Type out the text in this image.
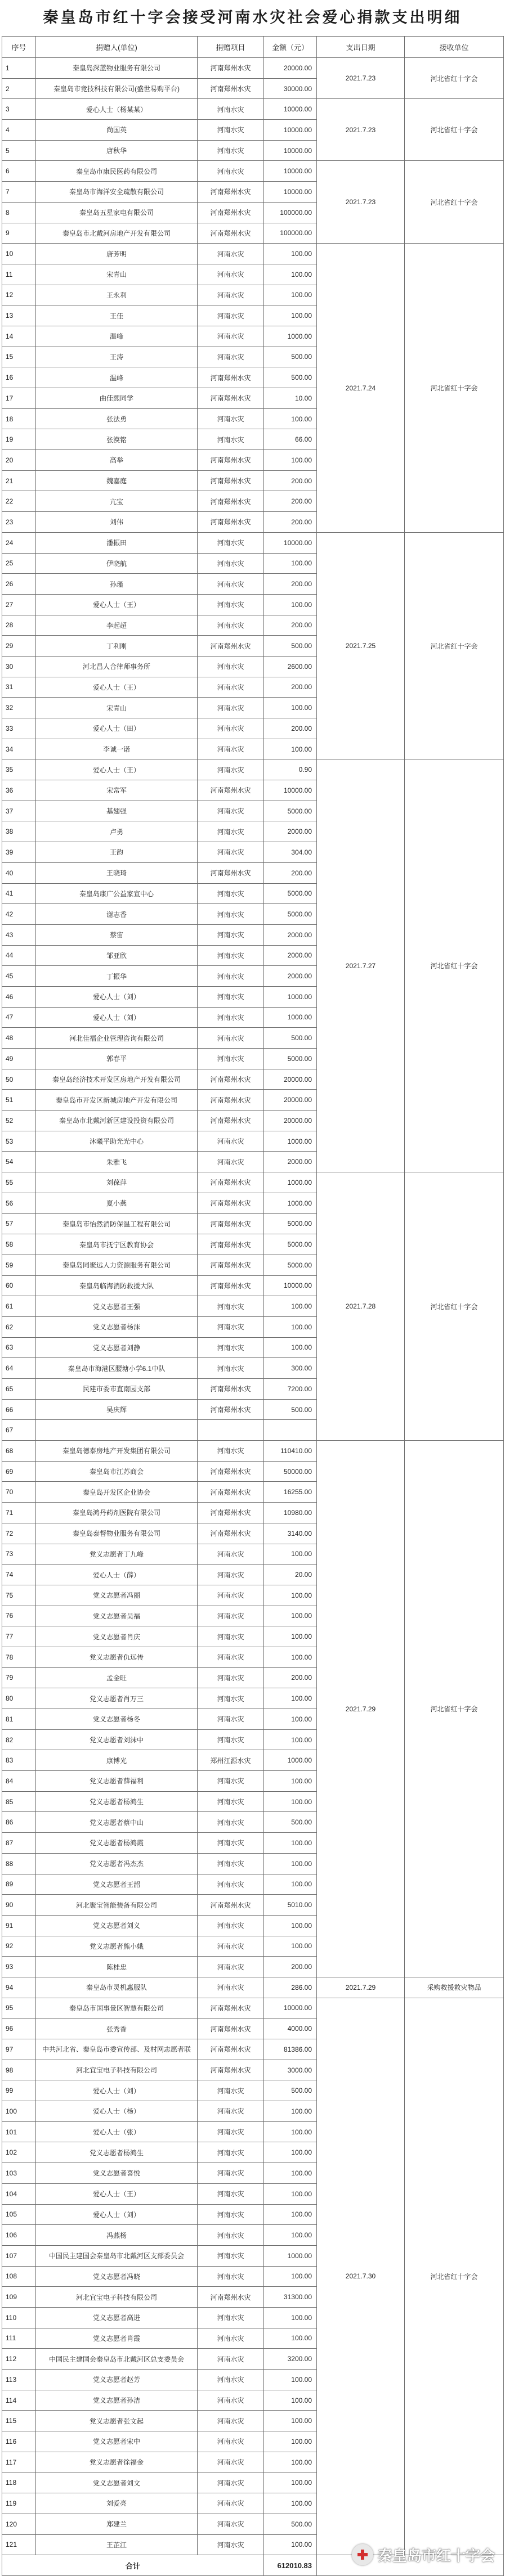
秦皇岛市红十字会接受河南水灾社会爱心捐款支出明细
序号	捐赠人(单位)	捐赠项目	金额（元）	支出日期	接收单位
1	秦皇岛深蓝物业服务有限公司	河南郑州水灾	20000.00	2021.7.23	河北省红十字会
2	秦皇岛市竞技科技有限公司(盛世易购平台)	河南郑州水灾	30000.00		
3	爱心人士（杨某某）	河南水灾	10000.00	2021.7.23	河北省红十字会
4	尚国英	河南水灾	10000.00		
5	唐秋华	河南水灾	10000.00		
6	秦皇岛市康民医药有限公司	河南水灾	10000.00	2021.7.23	河北省红十字会
7	秦皇岛市海洋安全疏散有限公司	河南郑州水灾	10000.00		
8	秦皇岛五星家电有限公司	河南郑州水灾	100000.00		
9	秦皇岛市北戴河房地产开发有限公司	河南郑州水灾	100000.00		
10	唐芳明	河南水灾	100.00	2021.7.24	河北省红十字会
11	宋青山	河南水灾	100.00		
12	王永利	河南水灾	100.00		
13	王佳	河南水灾	100.00		
14	温峰	河南水灾	1000.00		
15	王涛	河南水灾	500.00		
16	温峰	河南郑州水灾	500.00		
17	曲佳熙同学	河南郑州水灾	10.00		
18	张法勇	河南水灾	100.00		
19	张漠铭	河南水灾	66.00		
20	高举	河南郑州水灾	100.00		
21	魏嘉庭	河南郑州水灾	200.00		
22	亢宝	河南郑州水灾	200.00		
23	刘伟	河南郑州水灾	200.00		
24	潘振田	河南水灾	10000.00	2021.7.25	河北省红十字会
25	伊晓航	河南水灾	100.00		
26	孙瑾	河南水灾	200.00		
27	爱心人士（王）	河南水灾	100.00		
28	李起超	河南水灾	200.00		
29	丁利刚	河南郑州水灾	500.00		
30	河北昌人合律师事务所	河南水灾	2600.00		
31	爱心人士（王）	河南水灾	200.00		
32	宋青山	河南水灾	100.00		
33	爱心人士（田）	河南水灾	200.00		
34	李诚一诺	河南水灾	100.00		
35	爱心人士（王）	河南水灾	0.90	2021.7.27	河北省红十字会
36	宋常军	河南郑州水灾	10000.00		
37	基翅强	河南水灾	5000.00		
38	卢勇	河南水灾	2000.00		
39	王韵	河南水灾	304.00		
40	王晓琦	河南郑州水灾	200.00		
41	秦皇岛康广公益家宣中心	河南水灾	5000.00		
42	谢志香	河南水灾	5000.00		
43	蔡宙	河南水灾	2000.00		
44	邹亚欣	河南水灾	2000.00		
45	丁振华	河南水灾	2000.00		
46	爱心人士（刘）	河南水灾	1000.00		
47	爱心人士（刘）	河南水灾	1000.00		
48	河北佳福企业管理咨询有限公司	河南水灾	500.00		
49	郭春平	河南水灾	5000.00		
50	秦皇岛经济技术开发区房地产开发有限公司	河南郑州水灾	20000.00		
51	秦皇岛市开发区新城房地产开发有限公司	河南郑州水灾	20000.00		
52	秦皇岛市北戴河新区建设投资有限公司	河南郑州水灾	20000.00		
53	沐曦平助光光中心	河南水灾	1000.00		
54	朱雅飞	河南水灾	2000.00		
55	刘葆萍	河南郑州水灾	1000.00	2021.7.28	河北省红十字会
56	夏小燕	河南郑州水灾	1000.00		
57	秦皇岛市怡然消防保温工程有限公司	河南郑州水灾	5000.00		
58	秦皇岛市抚宁区教育协会	河南郑州水灾	5000.00		
59	秦皇岛同聚远人力资源服务有限公司	河南郑州水灾	5000.00		
60	秦皇岛临海消防救援大队	河南郑州水灾	10000.00		
61	党义志愿者王强	河南水灾	100.00		
62	党义志愿者杨沫	河南水灾	100.00		
63	党义志愿者刘静	河南水灾	100.00		
64	秦皇岛市海港区腰塘小学6.1中队	河南水灾	300.00		
65	民建市委市直南园支部	河南郑州水灾	7200.00		
66	吴庆辉	河南郑州水灾	500.00		
67					
68	秦皇岛德泰房地产开发集团有限公司	河南水灾	110410.00	2021.7.29	河北省红十字会
69	秦皇岛市江苏商会	河南郑州水灾	50000.00		
70	秦皇岛开发区企业协会	河南郑州水灾	16255.00		
71	秦皇岛鸿丹药剂医院有限公司	河南郑州水灾	10980.00		
72	秦皇岛泰督物业服务有限公司	河南郑州水灾	3140.00		
73	党义志愿者丁九峰	河南水灾	100.00		
74	爱心人士（薛）	河南水灾	20.00		
75	党义志愿者冯丽	河南水灾	100.00		
76	党义志愿者吴福	河南水灾	100.00		
77	党义志愿者肖庆	河南水灾	100.00		
78	党义志愿者仇远传	河南水灾	100.00		
79	孟金旺	河南水灾	200.00		
80	党义志愿者肖万三	河南水灾	100.00		
81	党义志愿者杨冬	河南水灾	100.00		
82	党义志愿者刘沫中	河南水灾	100.00		
83	康博光	郑州江源水灾	1000.00		
84	党义志愿者薛福利	河南水灾	100.00		
85	党义志愿者杨鸿生	河南水灾	100.00		
86	党义志愿者蔡中山	河南水灾	500.00		
87	党义志愿者杨鸿霞	河南水灾	100.00		
88	党义志愿者冯杰杰	河南水灾	100.00		
89	党义志愿者王韶	河南水灾	100.00		
90	河北聚宝智能装备有限公司	河南郑州水灾	5010.00		
91	党义志愿者刘义	河南水灾	100.00		
92	党义志愿者熊小娥	河南水灾	100.00		
93	陈桂忠	河南水灾	200.00		
94	秦皇岛市灵机惠服队	河南水灾	286.00	2021.7.29	采购救援救灾物品
95	秦皇岛市国事景区智慧有限公司	河南郑州水灾	10000.00	2021.7.30	河北省红十字会
96	张秀香	河南郑州水灾	4000.00		
97	中共河北省、秦皇岛市委宣传部、及村网志愿者联	河南郑州水灾	81386.00		
98	河北宜宝电子科技有限公司	河南郑州水灾	3000.00		
99	爱心人士（刘）	河南水灾	500.00		
100	爱心人士（杨）	河南水灾	100.00		
101	爱心人士（张）	河南水灾	100.00		
102	党义志愿者杨鸿生	河南水灾	100.00		
103	党义志愿者喜悦	河南水灾	100.00		
104	爱心人士（王）	河南水灾	100.00		
105	爱心人士（刘）	河南水灾	100.00		
106	冯燕杨	河南水灾	100.00		
107	中国民主建国会秦皇岛市北戴河区支部委员会	河南水灾	1000.00		
108	党义志愿者冯晓	河南水灾	100.00		
109	河北宜宝电子科技有限公司	河南郑州水灾	31300.00		
110	党义志愿者高进	河南水灾	100.00		
111	党义志愿者肖霞	河南水灾	100.00		
112	中国民主建国会秦皇岛市北戴河区总支委员会	河南水灾	3200.00		
113	党义志愿者赵芳	河南水灾	100.00		
114	党义志愿者孙洁	河南水灾	100.00		
115	党义志愿者张文起	河南水灾	100.00		
116	党义志愿者宋中	河南水灾	100.00		
117	党义志愿者徐福金	河南水灾	100.00		
118	党义志愿者刘文	河南水灾	100.00		
119	刘爱亮	河南水灾	100.00		
120	郑建兰	河南水灾	500.00		
121	王芷江	河南水灾	100.00		
合计			612010.83		
秦皇岛市红十字会
